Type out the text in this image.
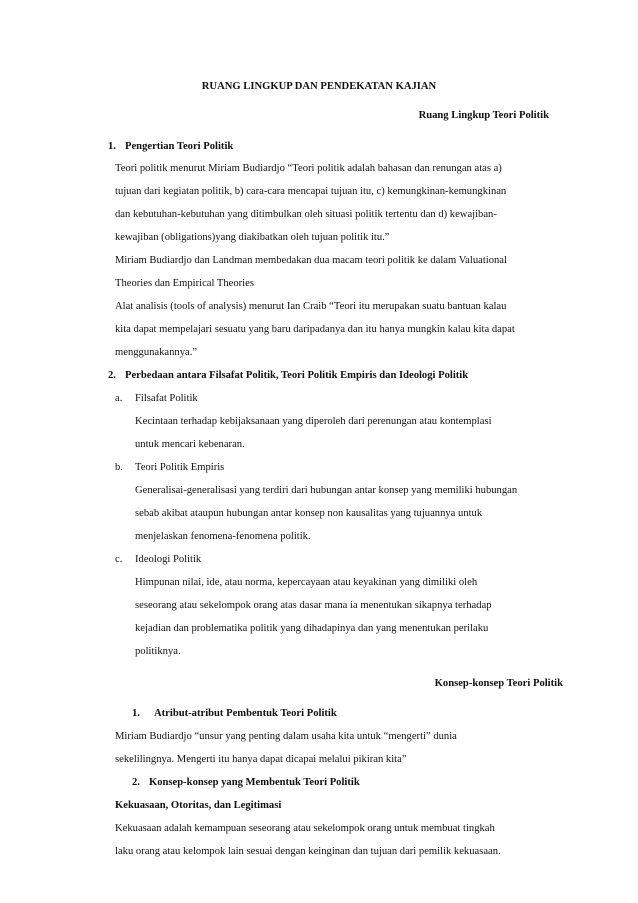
RUANG LINGKUP DAN PENDEKATAN KAJIAN
Ruang Lingkup Teori Politik
1. Pengertian Teori Politik
Teori politik menurut Miriam Budiardjo “Teori politik adalah bahasan dan renungan atas a)
tujuan dari kegiatan politik, b) cara-cara mencapai tujuan itu, c) kemungkinan-kemungkinan
dan kebutuhan-kebutuhan yang ditimbulkan oleh situasi politik tertentu dan d) kewajiban-
kewajiban (obligations)yang diakibatkan oleh tujuan politik itu.”
Miriam Budiardjo dan Landman membedakan dua macam teori politik ke dalam Valuational
Theories dan Empirical Theories
Alat analisis (tools of analysis) menurut Ian Craib “Teori itu merupakan suatu bantuan kalau
kita dapat mempelajari sesuatu yang baru daripadanya dan itu hanya mungkin kalau kita dapat
menggunakannya.”
2. Perbedaan antara Filsafat Politik, Teori Politik Empiris dan Ideologi Politik
a. Filsafat Politik
Kecintaan terhadap kebijaksanaan yang diperoleh dari perenungan atau kontemplasi
untuk mencari kebenaran.
b. Teori Politik Empiris
Generalisai-generalisasi yang terdiri dari hubungan antar konsep yang memiliki hubungan
sebab akibat ataupun hubungan antar konsep non kausalitas yang tujuannya untuk
menjelaskan fenomena-fenomena politik.
c. Ideologi Politik
Himpunan nilai, ide, atau norma, kepercayaan atau keyakinan yang dimiliki oleh
seseorang atau sekelompok orang atas dasar mana ia menentukan sikapnya terhadap
kejadian dan problematika politik yang dihadapinya dan yang menentukan perilaku
politiknya.
Konsep-konsep Teori Politik
1. Atribut-atribut Pembentuk Teori Politik
Miriam Budiardjo “unsur yang penting dalam usaha kita untuk “mengerti” dunia
sekelilingnya. Mengerti itu hanya dapat dicapai melalui pikiran kita”
2. Konsep-konsep yang Membentuk Teori Politik
Kekuasaan, Otoritas, dan Legitimasi
Kekuasaan adalah kemampuan seseorang atau sekelompok orang untuk membuat tingkah
laku orang atau kelompok lain sesuai dengan keinginan dan tujuan dari pemilik kekuasaan.
